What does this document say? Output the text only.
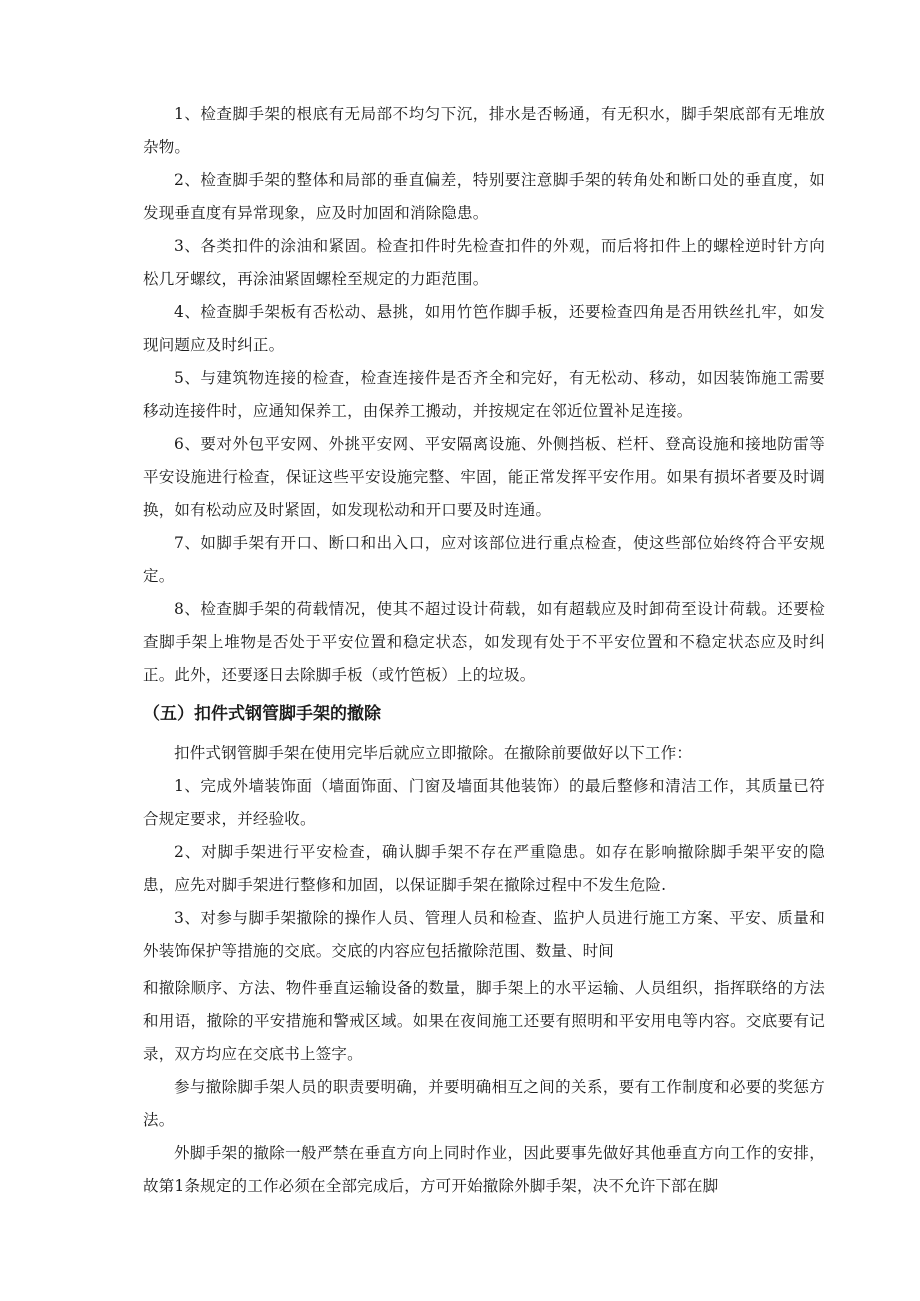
1、检查脚手架的根底有无局部不均匀下沉，排水是否畅通，有无积水，脚手架底部有无堆放杂物。

2、检查脚手架的整体和局部的垂直偏差，特别要注意脚手架的转角处和断口处的垂直度，如发现垂直度有异常现象，应及时加固和消除隐患。

3、各类扣件的涂油和紧固。检查扣件时先检查扣件的外观，而后将扣件上的螺栓逆时针方向松几牙螺纹，再涂油紧固螺栓至规定的力距范围。

4、检查脚手架板有否松动、悬挑，如用竹笆作脚手板，还要检查四角是否用铁丝扎牢，如发现问题应及时纠正。

5、与建筑物连接的检查，检查连接件是否齐全和完好，有无松动、移动，如因装饰施工需要移动连接件时，应通知保养工，由保养工搬动，并按规定在邻近位置补足连接。

6、要对外包平安网、外挑平安网、平安隔离设施、外侧挡板、栏杆、登高设施和接地防雷等平安设施进行检查，保证这些平安设施完整、牢固，能正常发挥平安作用。如果有损坏者要及时调换，如有松动应及时紧固，如发现松动和开口要及时连通。

7、如脚手架有开口、断口和出入口，应对该部位进行重点检查，使这些部位始终符合平安规定。

8、检查脚手架的荷载情况，使其不超过设计荷载，如有超载应及时卸荷至设计荷载。还要检查脚手架上堆物是否处于平安位置和稳定状态，如发现有处于不平安位置和不稳定状态应及时纠正。此外，还要逐日去除脚手板（或竹笆板）上的垃圾。

（五）扣件式钢管脚手架的撤除

扣件式钢管脚手架在使用完毕后就应立即撤除。在撤除前要做好以下工作：

1、完成外墙装饰面（墙面饰面、门窗及墙面其他装饰）的最后整修和清洁工作，其质量已符合规定要求，并经验收。

2、对脚手架进行平安检查，确认脚手架不存在严重隐患。如存在影响撤除脚手架平安的隐患，应先对脚手架进行整修和加固，以保证脚手架在撤除过程中不发生危险.

3、对参与脚手架撤除的操作人员、管理人员和检查、监护人员进行施工方案、平安、质量和外装饰保护等措施的交底。交底的内容应包括撤除范围、数量、时间

和撤除顺序、方法、物件垂直运输设备的数量，脚手架上的水平运输、人员组织，指挥联络的方法和用语，撤除的平安措施和警戒区域。如果在夜间施工还要有照明和平安用电等内容。交底要有记录，双方均应在交底书上签字。

参与撤除脚手架人员的职责要明确，并要明确相互之间的关系，要有工作制度和必要的奖惩方法。

外脚手架的撤除一般严禁在垂直方向上同时作业，因此要事先做好其他垂直方向工作的安排，故第1条规定的工作必须在全部完成后，方可开始撤除外脚手架，决不允许下部在脚
